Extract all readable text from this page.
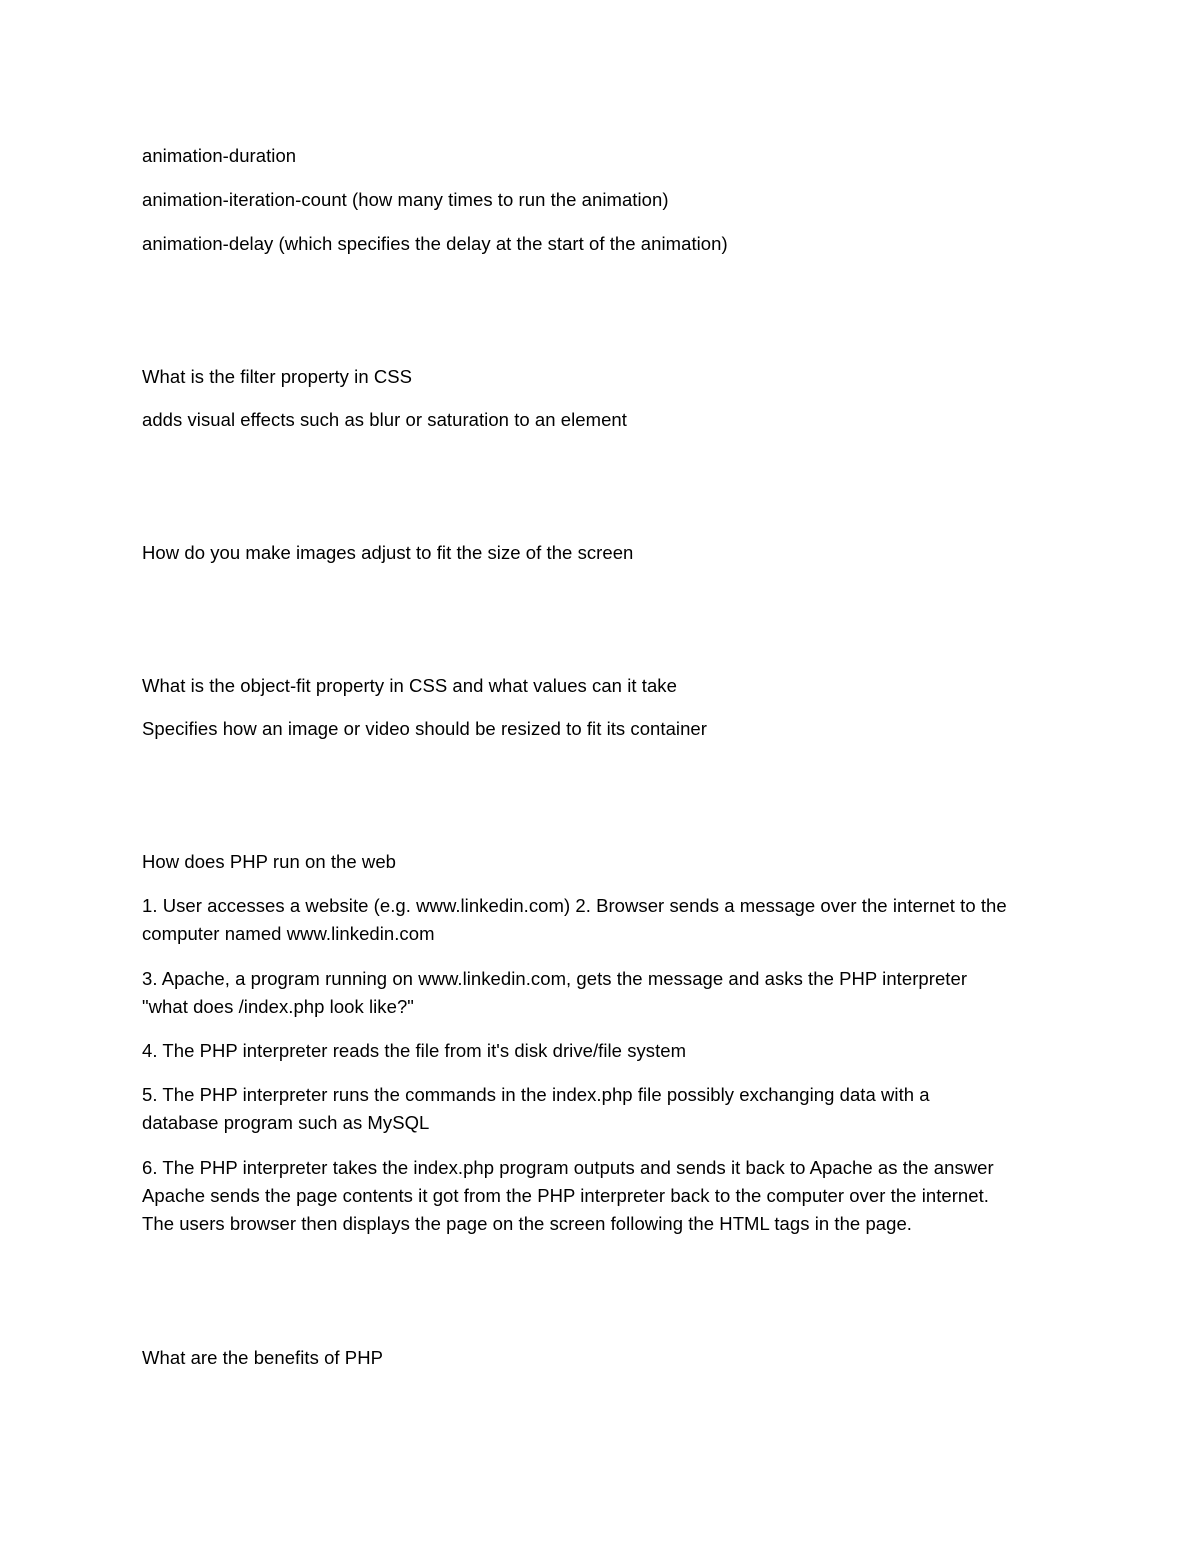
animation-duration
animation-iteration-count (how many times to run the animation)
animation-delay (which specifies the delay at the start of the animation)
What is the filter property in CSS
adds visual effects such as blur or saturation to an element
How do you make images adjust to fit the size of the screen
What is the object-fit property in CSS and what values can it take
Specifies how an image or video should be resized to fit its container
How does PHP run on the web
1. User accesses a website (e.g. www.linkedin.com) 2. Browser sends a message over the internet to the
computer named www.linkedin.com
3. Apache, a program running on www.linkedin.com, gets the message and asks the PHP interpreter
"what does /index.php look like?"
4. The PHP interpreter reads the file from it's disk drive/file system
5. The PHP interpreter runs the commands in the index.php file possibly exchanging data with a
database program such as MySQL
6. The PHP interpreter takes the index.php program outputs and sends it back to Apache as the answer
Apache sends the page contents it got from the PHP interpreter back to the computer over the internet.
The users browser then displays the page on the screen following the HTML tags in the page.
What are the benefits of PHP
